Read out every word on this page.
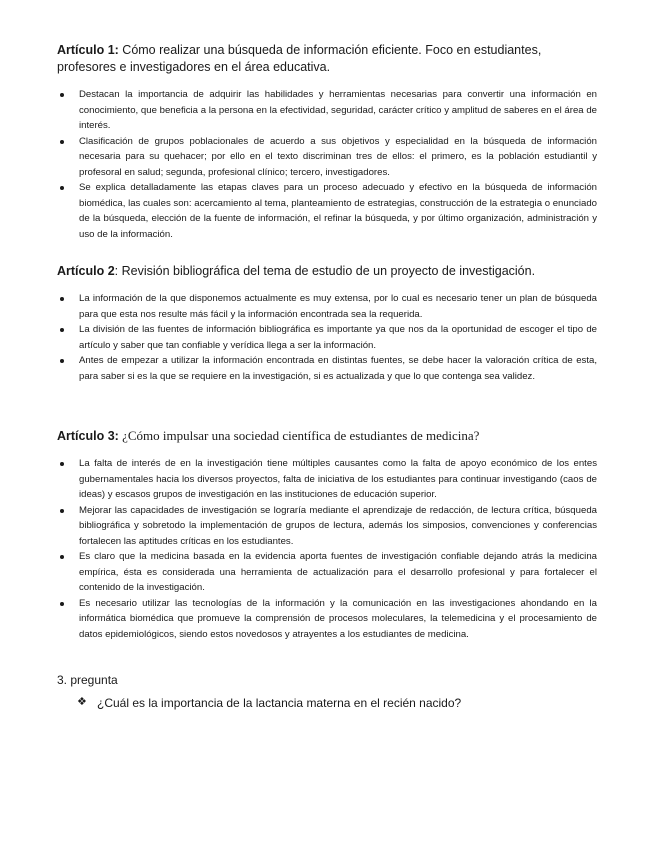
Artículo 1: Cómo realizar una búsqueda de información eficiente. Foco en estudiantes, profesores e investigadores en el área educativa.

Destacan la importancia de adquirir las habilidades y herramientas necesarias para convertir una información en conocimiento, que beneficia a la persona en la efectividad, seguridad, carácter crítico y amplitud de saberes en el área de interés.
Clasificación de grupos poblacionales de acuerdo a sus objetivos y especialidad en la búsqueda de información necesaria para su quehacer; por ello en el texto discriminan tres de ellos: el primero, es la población estudiantil y profesoral en salud; segunda, profesional clínico; tercero, investigadores.
Se explica detalladamente las etapas claves para un proceso adecuado y efectivo en la búsqueda de información biomédica, las cuales son: acercamiento al tema, planteamiento de estrategias, construcción de la estrategia o enunciado de la búsqueda, elección de la fuente de información, el refinar la búsqueda, y por último organización, administración y uso de la información.

Artículo 2: Revisión bibliográfica del tema de estudio de un proyecto de investigación.

La información de la que disponemos actualmente es muy extensa, por lo cual es necesario tener un plan de búsqueda para que esta nos resulte más fácil y la información encontrada sea la requerida.
La división de las fuentes de información bibliográfica es importante ya que nos da la oportunidad de escoger el tipo de artículo y saber que tan confiable y verídica llega a ser la información.
Antes de empezar a utilizar la información encontrada en distintas fuentes, se debe hacer la valoración crítica de esta, para saber si es la que se requiere en la investigación, si es actualizada y que lo que contenga sea validez.

Artículo 3: ¿Cómo impulsar una sociedad científica de estudiantes de medicina?

La falta de interés de en la investigación tiene múltiples causantes como la falta de apoyo económico de los entes gubernamentales hacia los diversos proyectos, falta de iniciativa de los estudiantes para continuar investigando (caos de ideas) y escasos grupos de investigación en las instituciones de educación superior.
Mejorar las capacidades de investigación se lograría mediante el aprendizaje de redacción, de lectura crítica, búsqueda bibliográfica y sobretodo la implementación de grupos de lectura, además los simposios, convenciones y conferencias fortalecen las aptitudes críticas en los estudiantes.
Es claro que la medicina basada en la evidencia aporta fuentes de investigación confiable dejando atrás la medicina empírica, ésta es considerada una herramienta de actualización para el desarrollo profesional y para fortalecer el contenido de la investigación.
Es necesario utilizar las tecnologías de la información y la comunicación en las investigaciones ahondando en la informática biomédica que promueve la comprensión de procesos moleculares, la telemedicina y el procesamiento de datos epidemiológicos, siendo estos novedosos y atrayentes a los estudiantes de medicina.

3. pregunta

❖ ¿Cuál es la importancia de la lactancia materna en el recién nacido?
